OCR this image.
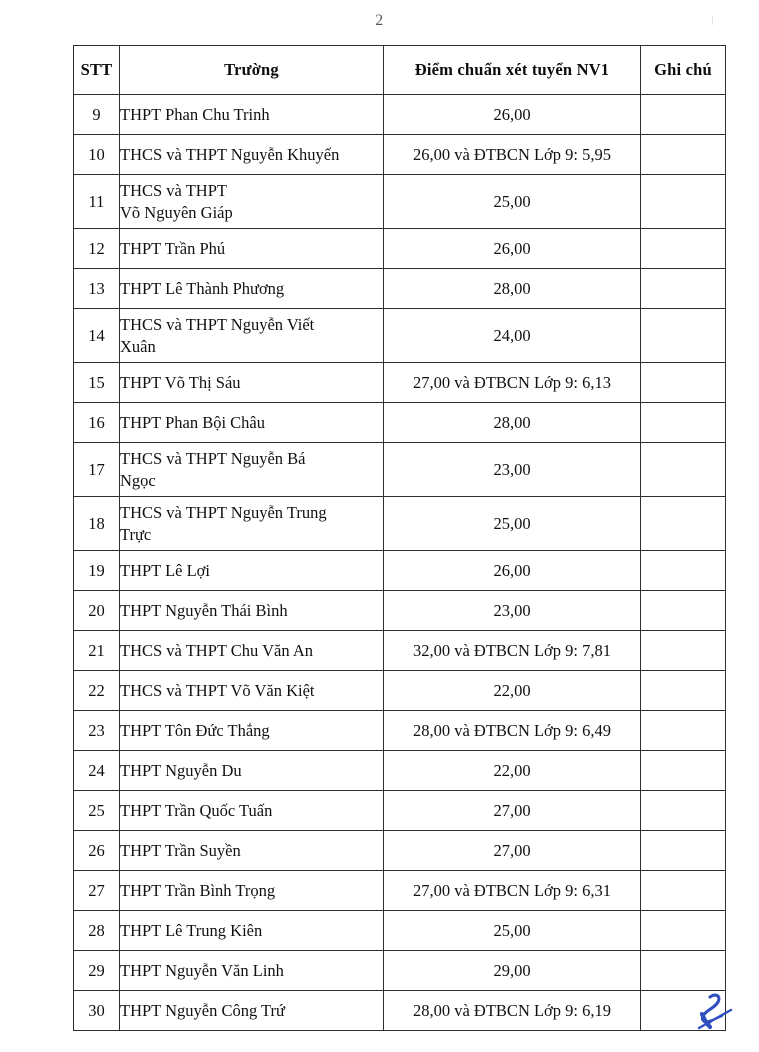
2
STT	Trường	Điểm chuẩn xét tuyển NV1	Ghi chú
9	THPT Phan Chu Trinh	26,00	
10	THCS và THPT Nguyễn Khuyến	26,00 và ĐTBCN Lớp 9: 5,95	
11	THCS và THPT
Võ Nguyên Giáp	25,00	
12	THPT Trần Phú	26,00	
13	THPT Lê Thành Phương	28,00	
14	THCS và THPT Nguyễn Viết
Xuân	24,00	
15	THPT Võ Thị Sáu	27,00 và ĐTBCN Lớp 9: 6,13	
16	THPT Phan Bội Châu	28,00	
17	THCS và THPT Nguyễn Bá
Ngọc	23,00	
18	THCS và THPT Nguyễn Trung
Trực	25,00	
19	THPT Lê Lợi	26,00	
20	THPT Nguyễn Thái Bình	23,00	
21	THCS và THPT Chu Văn An	32,00 và ĐTBCN Lớp 9: 7,81	
22	THCS và THPT Võ Văn Kiệt	22,00	
23	THPT Tôn Đức Thắng	28,00 và ĐTBCN Lớp 9: 6,49	
24	THPT Nguyễn Du	22,00	
25	THPT Trần Quốc Tuấn	27,00	
26	THPT Trần Suyền	27,00	
27	THPT Trần Bình Trọng	27,00 và ĐTBCN Lớp 9: 6,31	
28	THPT Lê Trung Kiên	25,00	
29	THPT Nguyễn Văn Linh	29,00	
30	THPT Nguyễn Công Trứ	28,00 và ĐTBCN Lớp 9: 6,19	
